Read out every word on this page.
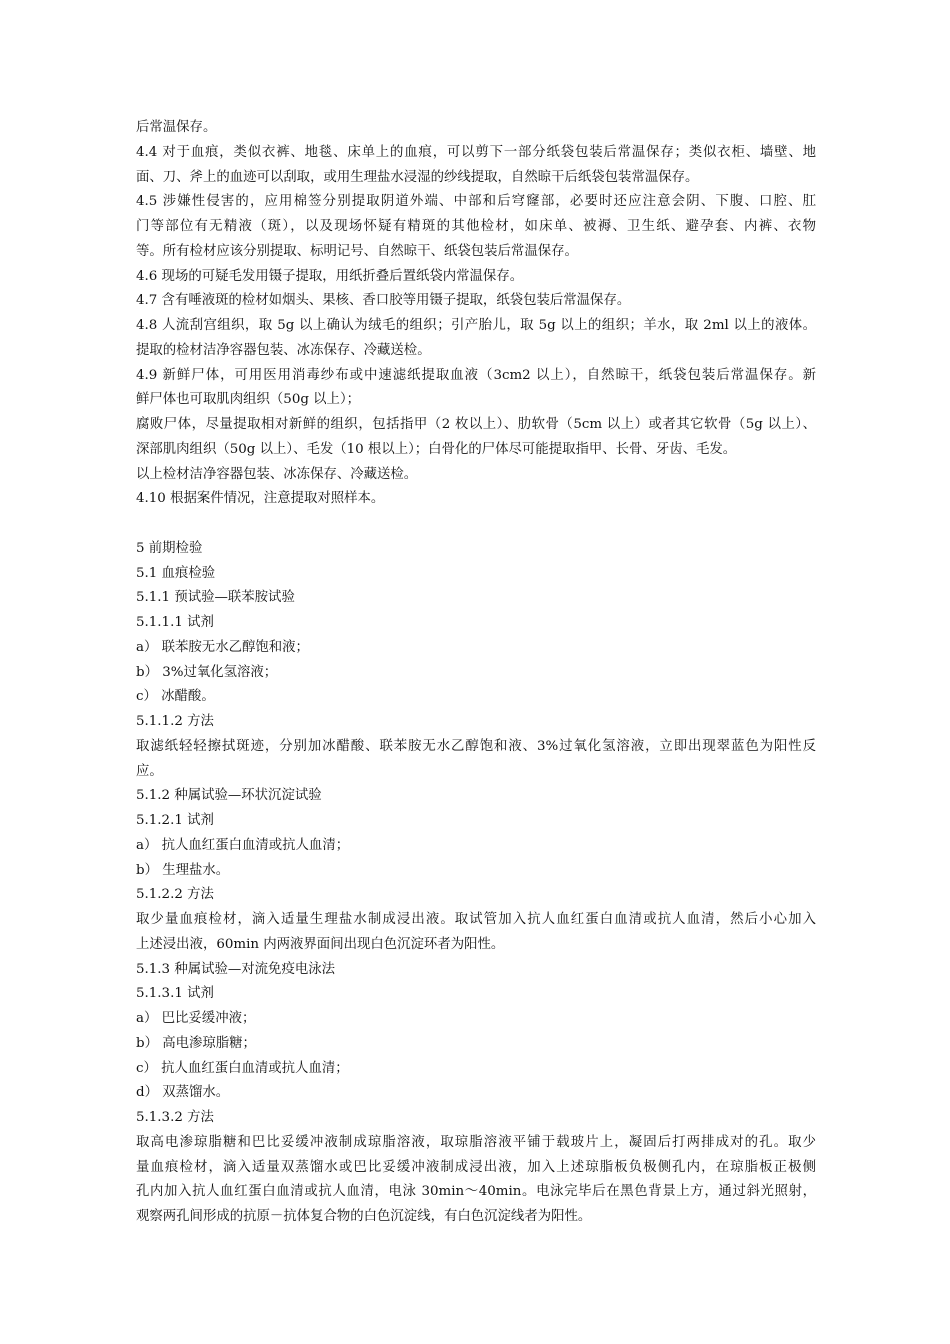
后常温保存。
4.4 对于血痕，类似衣裤、地毯、床单上的血痕，可以剪下一部分纸袋包装后常温保存；类似衣柜、墙壁、地
面、刀、斧上的血迹可以刮取，或用生理盐水浸湿的纱线提取，自然晾干后纸袋包装常温保存。
4.5 涉嫌性侵害的，应用棉签分别提取阴道外端、中部和后穹窿部，必要时还应注意会阴、下腹、口腔、肛
门等部位有无精液（斑），以及现场怀疑有精斑的其他检材，如床单、被褥、卫生纸、避孕套、内裤、衣物
等。所有检材应该分别提取、标明记号、自然晾干、纸袋包装后常温保存。
4.6 现场的可疑毛发用镊子提取，用纸折叠后置纸袋内常温保存。
4.7 含有唾液斑的检材如烟头、果核、香口胶等用镊子提取，纸袋包装后常温保存。
4.8 人流刮宫组织，取 5g 以上确认为绒毛的组织；引产胎儿，取 5g 以上的组织；羊水，取 2ml 以上的液体。
提取的检材洁净容器包装、冰冻保存、冷藏送检。
4.9 新鲜尸体，可用医用消毒纱布或中速滤纸提取血液（3cm2 以上），自然晾干，纸袋包装后常温保存。新
鲜尸体也可取肌肉组织（50g 以上）；
腐败尸体，尽量提取相对新鲜的组织，包括指甲（2 枚以上）、肋软骨（5cm 以上）或者其它软骨（5g 以上）、
深部肌肉组织（50g 以上）、毛发（10 根以上）；白骨化的尸体尽可能提取指甲、长骨、牙齿、毛发。
以上检材洁净容器包装、冰冻保存、冷藏送检。
4.10 根据案件情况，注意提取对照样本。
5 前期检验
5.1 血痕检验
5.1.1 预试验—联苯胺试验
5.1.1.1 试剂
a） 联苯胺无水乙醇饱和液；
b） 3%过氧化氢溶液；
c） 冰醋酸。
5.1.1.2 方法
取滤纸轻轻擦拭斑迹，分别加冰醋酸、联苯胺无水乙醇饱和液、3%过氧化氢溶液，立即出现翠蓝色为阳性反
应。
5.1.2 种属试验—环状沉淀试验
5.1.2.1 试剂
a） 抗人血红蛋白血清或抗人血清；
b） 生理盐水。
5.1.2.2 方法
取少量血痕检材，滴入适量生理盐水制成浸出液。取试管加入抗人血红蛋白血清或抗人血清，然后小心加入
上述浸出液，60min 内两液界面间出现白色沉淀环者为阳性。
5.1.3 种属试验—对流免疫电泳法
5.1.3.1 试剂
a） 巴比妥缓冲液；
b） 高电渗琼脂糖；
c） 抗人血红蛋白血清或抗人血清；
d） 双蒸馏水。
5.1.3.2 方法
取高电渗琼脂糖和巴比妥缓冲液制成琼脂溶液，取琼脂溶液平铺于载玻片上，凝固后打两排成对的孔。取少
量血痕检材，滴入适量双蒸馏水或巴比妥缓冲液制成浸出液，加入上述琼脂板负极侧孔内，在琼脂板正极侧
孔内加入抗人血红蛋白血清或抗人血清，电泳 30min～40min。电泳完毕后在黑色背景上方，通过斜光照射，
观察两孔间形成的抗原－抗体复合物的白色沉淀线，有白色沉淀线者为阳性。
